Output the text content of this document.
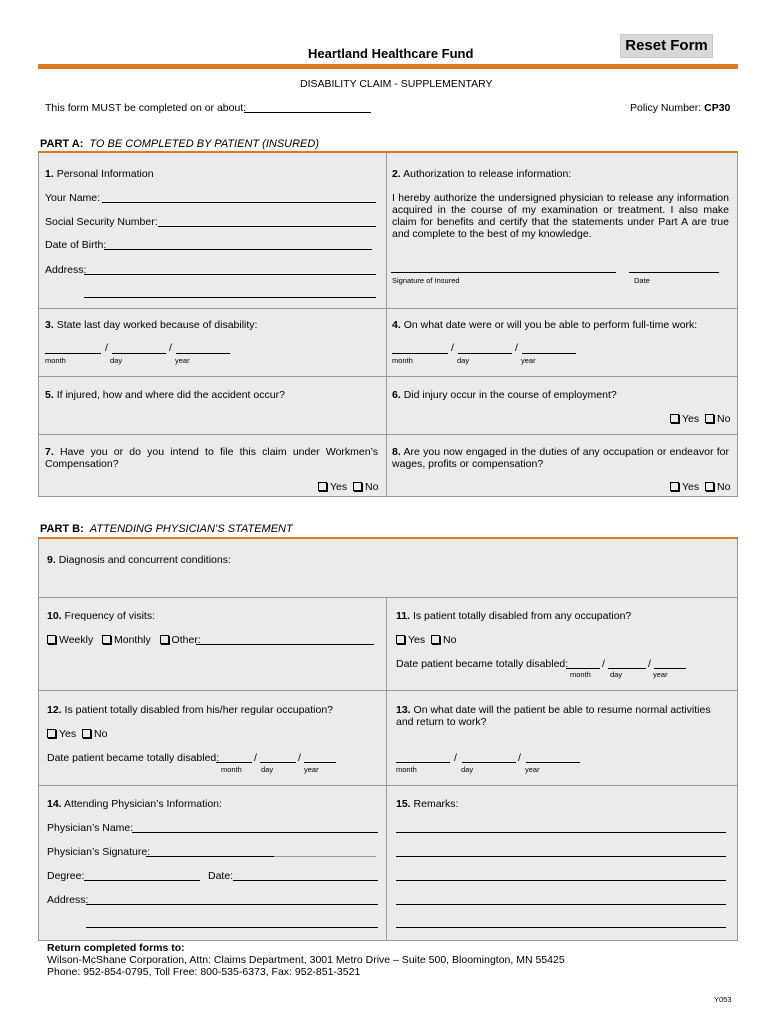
Heartland Healthcare Fund	Reset Form
DISABILITY CLAIM - SUPPLEMENTARY
This form MUST be completed on or about:	Policy Number: CP30
PART A: TO BE COMPLETED BY PATIENT (INSURED)
1. Personal Information
Your Name:
Social Security Number:
Date of Birth:
Address:
2. Authorization to release information:
I hereby authorize the undersigned physician to release any information acquired in the course of my examination or treatment. I also make claim for benefits and certify that the statements under Part A are true and complete to the best of my knowledge.
Signature of Insured	Date
3. State last day worked because of disability:
/	/
month	day	year
4. On what date were or will you be able to perform full-time work:
/	/
month	day	year
5. If injured, how and where did the accident occur?	6. Did injury occur in the course of employment?
Yes No
7. Have you or do you intend to file this claim under Workmen’s Compensation?
Yes No
8. Are you now engaged in the duties of any occupation or endeavor for wages, profits or compensation?
Yes No
PART B: ATTENDING PHYSICIAN’S STATEMENT
9. Diagnosis and concurrent conditions:
10. Frequency of visits:
Weekly Monthly Other:
11. Is patient totally disabled from any occupation?
Yes No
Date patient became totally disabled:	/	/
month	day	year
12. Is patient totally disabled from his/her regular occupation?
Yes No
Date patient became totally disabled:	/	/
month	day	year
13. On what date will the patient be able to resume normal activities and return to work?
/	/
month	day	year
14. Attending Physician’s Information:
Physician’s Name:
Physician’s Signature:
Degree:	Date:
Address:
15. Remarks:
Return completed forms to:
Wilson-McShane Corporation, Attn: Claims Department, 3001 Metro Drive – Suite 500, Bloomington, MN 55425
Phone: 952-854-0795, Toll Free: 800-535-6373, Fax: 952-851-3521
Y053
